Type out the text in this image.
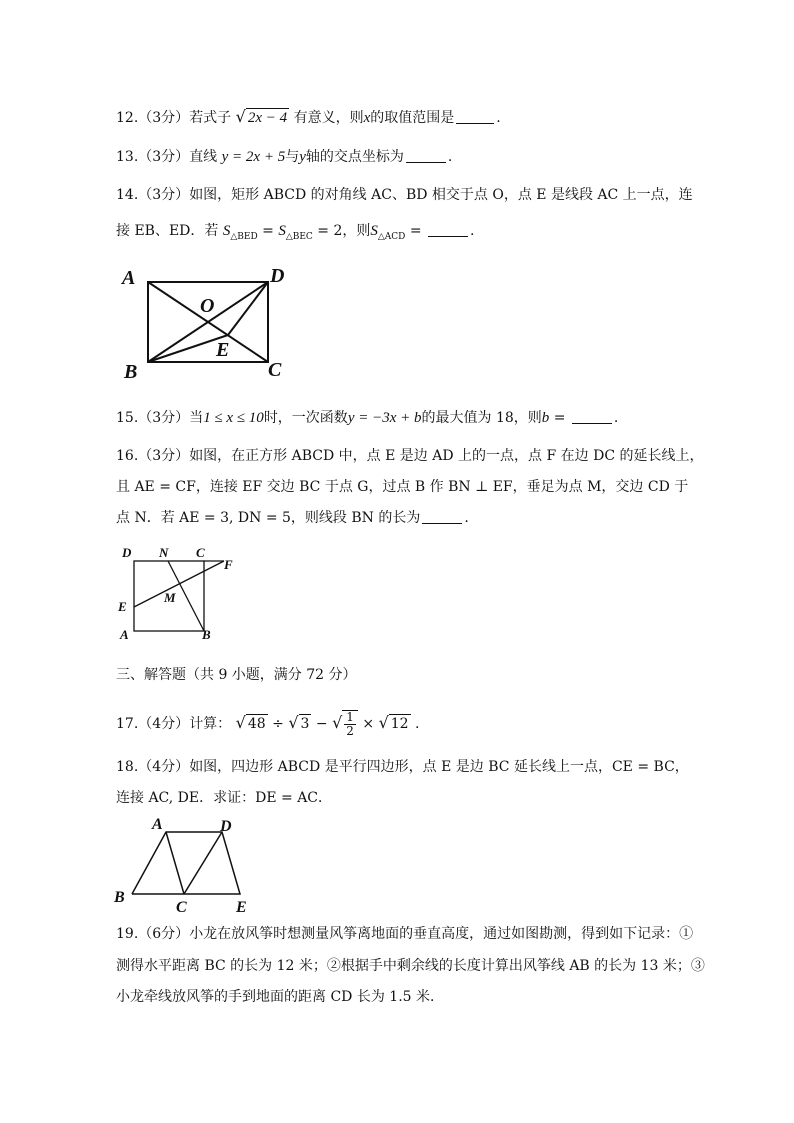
12.（3分）若式子 √ 2x − 4 有意义，则x的取值范围是	.
13.（3分）直线 y = 2x + 5与y轴的交点坐标为	.
14.（3分）如图，矩形 ABCD 的对角线 AC、BD 相交于点 O，点 E 是线段 AC 上一点，连
接 EB、ED．若 $S_{\triangle BED} = S_{\triangle BEC} = 2$，则$S_{\triangle ACD}$ =	.
A	D
O
E
B	C
15.（3分）当1 ≤ x ≤ 10时，一次函数y = −3x + b的最大值为 18，则b =	.
16.（3分）如图，在正方形 ABCD 中，点 E 是边 AD 上的一点，点 F 在边 DC 的延长线上，
且 AE = CF，连接 EF 交边 BC 于点 G，过点 B 作 BN ⊥ EF，垂足为点 M，交边 CD 于
点 N．若 AE = 3, DN = 5，则线段 BN 的长为	.
D N C
F
M
E
A	B
三、解答题（共 9 小题，满分 72 分）
17.（4分）计算： √ 48 ÷ √ 3 − √ $\frac{1}{2}$ × √ 12 .
18.（4分）如图，四边形 ABCD 是平行四边形，点 E 是边 BC 延长线上一点，CE = BC，
连接 AC, DE．求证：DE = AC．
A	D
B
C	E
19.（6分）小龙在放风筝时想测量风筝离地面的垂直高度，通过如图勘测，得到如下记录：①
测得水平距离 BC 的长为 12 米；②根据手中剩余线的长度计算出风筝线 AB 的长为 13 米；③
小龙牵线放风筝的手到地面的距离 CD 长为 1.5 米．
